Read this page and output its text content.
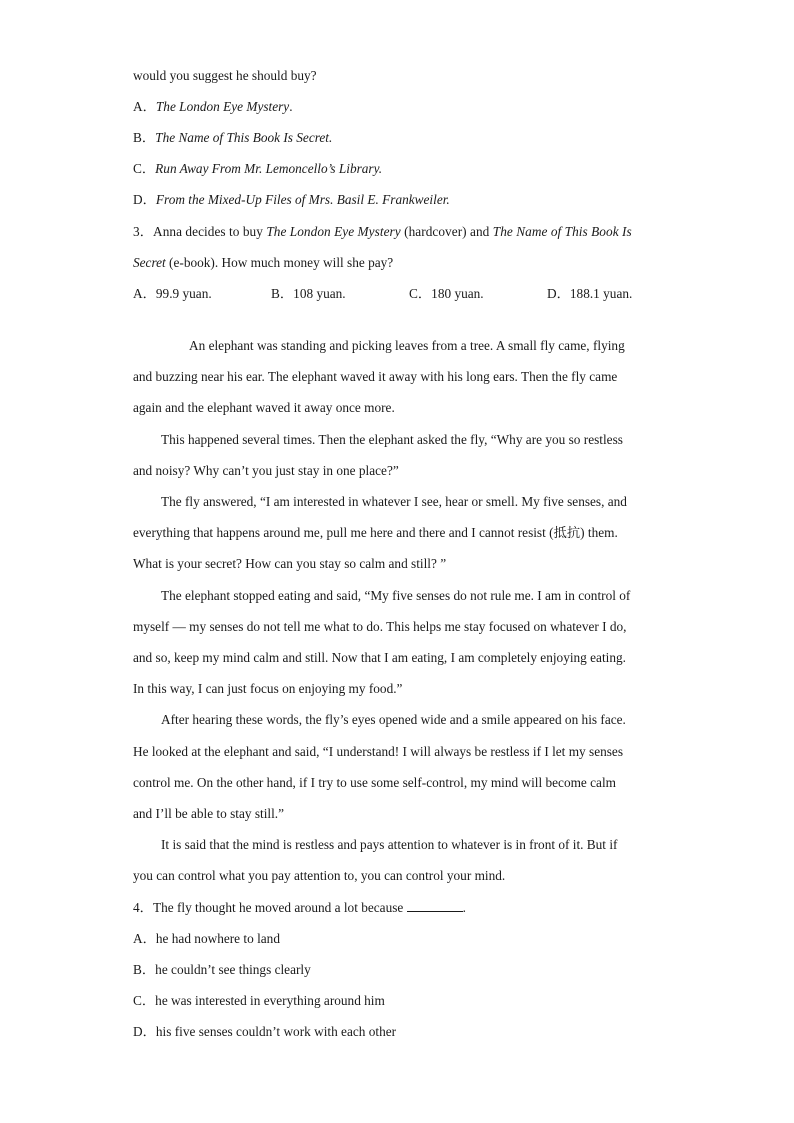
would you suggest he should buy?
A．The London Eye Mystery.
B．The Name of This Book Is Secret.
C．Run Away From Mr. Lemoncello’s Library.
D．From the Mixed-Up Files of Mrs. Basil E. Frankweiler.
3．Anna decides to buy The London Eye Mystery (hardcover) and The Name of This Book Is
Secret (e-book). How much money will she pay?
A．99.9 yuan.	B．108 yuan.	C．180 yuan.	D．188.1 yuan.
An elephant was standing and picking leaves from a tree. A small fly came, flying
and buzzing near his ear. The elephant waved it away with his long ears. Then the fly came
again and the elephant waved it away once more.
This happened several times. Then the elephant asked the fly, “Why are you so restless
and noisy? Why can’t you just stay in one place?”
The fly answered, “I am interested in whatever I see, hear or smell. My five senses, and
everything that happens around me, pull me here and there and I cannot resist (抵抗) them.
What is your secret? How can you stay so calm and still? ”
The elephant stopped eating and said, “My five senses do not rule me. I am in control of
myself — my senses do not tell me what to do. This helps me stay focused on whatever I do,
and so, keep my mind calm and still. Now that I am eating, I am completely enjoying eating.
In this way, I can just focus on enjoying my food.”
After hearing these words, the fly’s eyes opened wide and a smile appeared on his face.
He looked at the elephant and said, “I understand! I will always be restless if I let my senses
control me. On the other hand, if I try to use some self-control, my mind will become calm
and I’ll be able to stay still.”
It is said that the mind is restless and pays attention to whatever is in front of it. But if
you can control what you pay attention to, you can control your mind.
4．The fly thought he moved around a lot because	.
A．he had nowhere to land
B．he couldn’t see things clearly
C．he was interested in everything around him
D．his five senses couldn’t work with each other
